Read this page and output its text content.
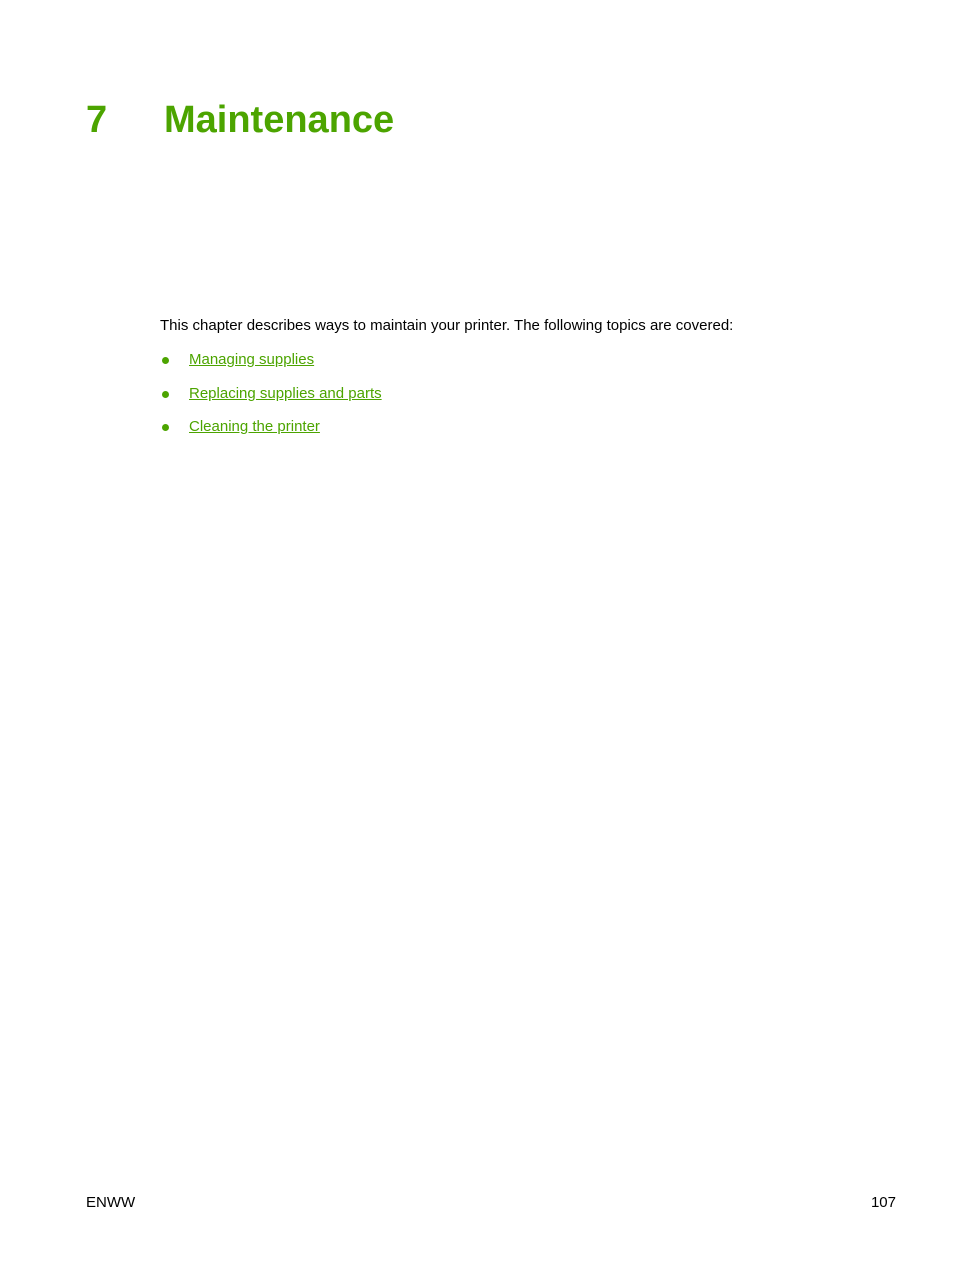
7 Maintenance

This chapter describes ways to maintain your printer. The following topics are covered:

Managing supplies
Replacing supplies and parts
Cleaning the printer
ENWW	107
